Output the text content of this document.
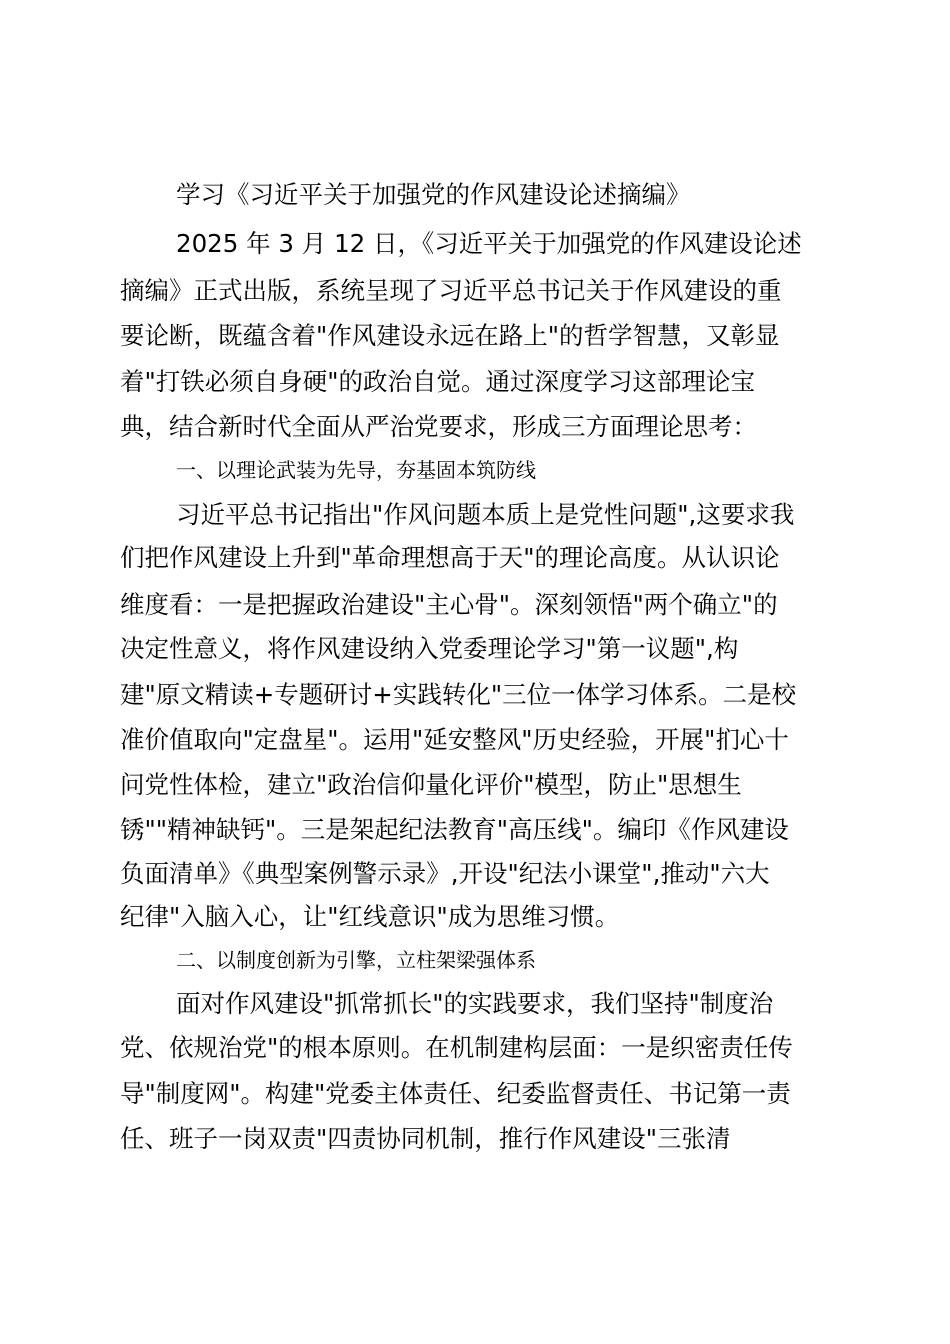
学习《习近平关于加强党的作风建设论述摘编》
2025 年 3 月 12 日，《习近平关于加强党的作风建设论述
摘编》正式出版，系统呈现了习近平总书记关于作风建设的重
要论断，既蕴含着"作风建设永远在路上"的哲学智慧，又彰显
着"打铁必须自身硬"的政治自觉。通过深度学习这部理论宝
典，结合新时代全面从严治党要求，形成三方面理论思考：
一、以理论武装为先导，夯基固本筑防线
习近平总书记指出"作风问题本质上是党性问题",这要求我
们把作风建设上升到"革命理想高于天"的理论高度。从认识论
维度看：一是把握政治建设"主心骨"。深刻领悟"两个确立"的
决定性意义，将作风建设纳入党委理论学习"第一议题",构
建"原文精读+专题研讨+实践转化"三位一体学习体系。二是校
准价值取向"定盘星"。运用"延安整风"历史经验，开展"扪心十
问党性体检，建立"政治信仰量化评价"模型，防止"思想生
锈""精神缺钙"。三是架起纪法教育"高压线"。编印《作风建设
负面清单》《典型案例警示录》,开设"纪法小课堂",推动"六大
纪律"入脑入心，让"红线意识"成为思维习惯。
二、以制度创新为引擎，立柱架梁强体系
面对作风建设"抓常抓长"的实践要求，我们坚持"制度治
党、依规治党"的根本原则。在机制建构层面：一是织密责任传
导"制度网"。构建"党委主体责任、纪委监督责任、书记第一责
任、班子一岗双责"四责协同机制，推行作风建设"三张清
